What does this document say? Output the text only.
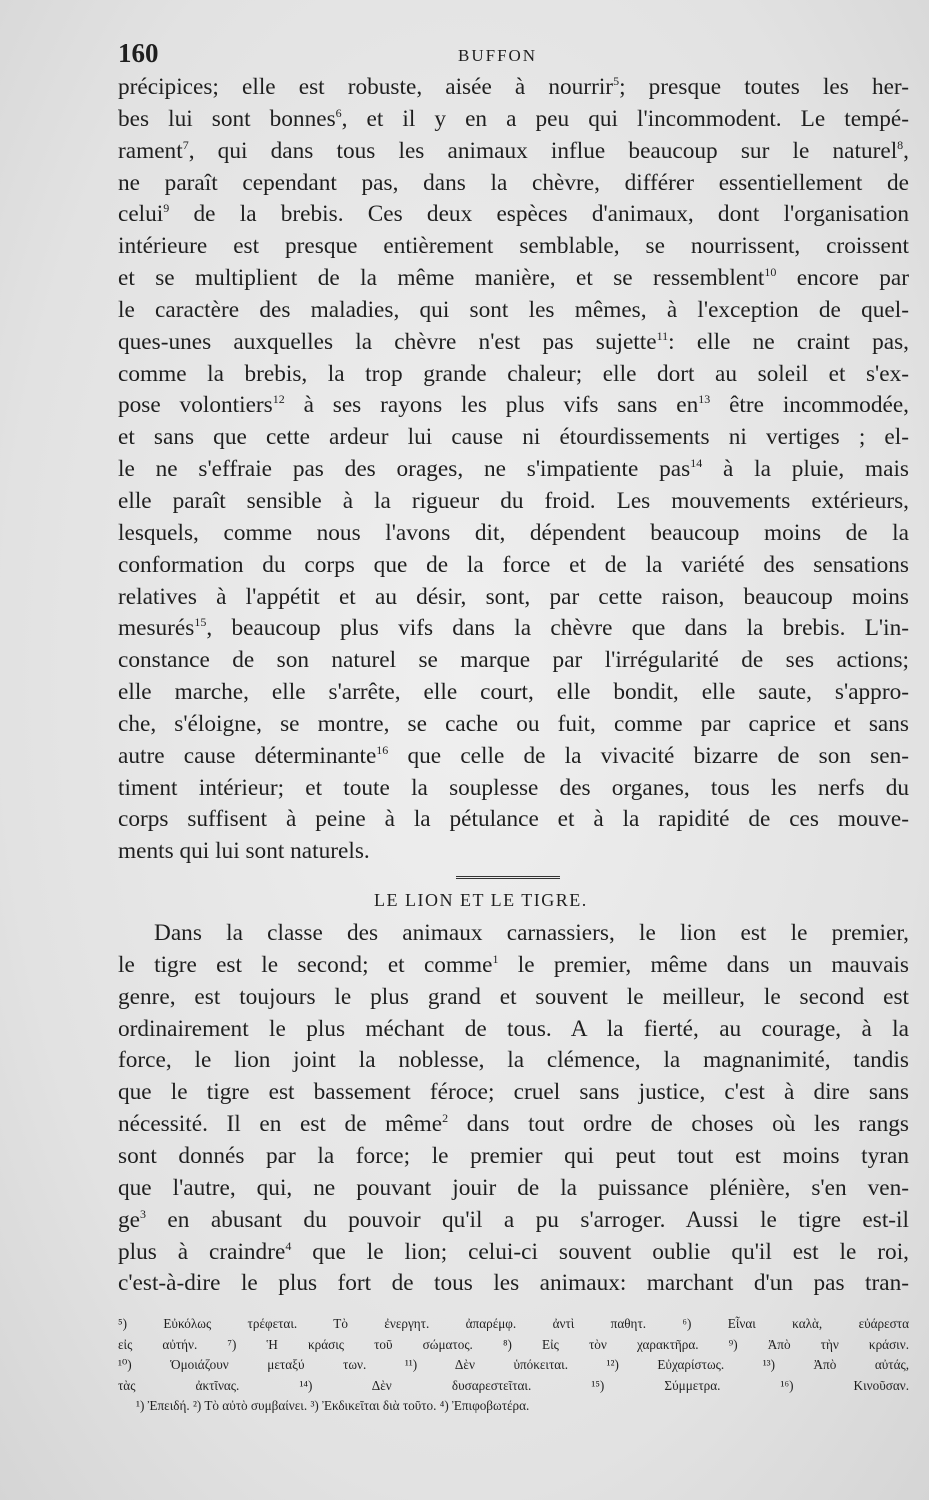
160	BUFFON
précipices; elle est robuste, aisée à nourrir$^5$; presque toutes les her-
bes lui sont bonnes$^6$, et il y en a peu qui l'incommodent. Le tempé-
rament$^7$, qui dans tous les animaux influe beaucoup sur le naturel$^8$,
ne paraît cependant pas, dans la chèvre, différer essentiellement de
celui$^9$ de la brebis. Ces deux espèces d'animaux, dont l'organisation
intérieure est presque entièrement semblable, se nourrissent, croissent
et se multiplient de la même manière, et se ressemblent$^{10}$ encore par
le caractère des maladies, qui sont les mêmes, à l'exception de quel-
ques-unes auxquelles la chèvre n'est pas sujette$^{11}$: elle ne craint pas,
comme la brebis, la trop grande chaleur; elle dort au soleil et s'ex-
pose volontiers$^{12}$ à ses rayons les plus vifs sans $en^{13}$ être incommodée,
et sans que cette ardeur lui cause ni étourdissements ni vertiges ; el-
le ne s'effraie pas des orages, ne s'impatiente pas$^{14}$ à la pluie, mais
elle paraît sensible à la rigueur du froid. Les mouvements extérieurs,
lesquels, comme nous l'avons dit, dépendent beaucoup moins de la
conformation du corps que de la force et de la variété des sensations
relatives à l'appétit et au désir, sont, par cette raison, beaucoup moins
mesurés$^{15}$, beaucoup plus vifs dans la chèvre que dans la brebis. L'in-
constance de son naturel se marque par l'irrégularité de ses actions;
elle marche, elle s'arrête, elle court, elle bondit, elle saute, s'appro-
che, s'éloigne, se montre, se cache ou fuit, comme par caprice et sans
autre cause déterminante$^{16}$ que celle de la vivacité bizarre de son sen-
timent intérieur; et toute la souplesse des organes, tous les nerfs du
corps suffisent à peine à la pétulance et à la rapidité de ces mouve-
ments qui lui sont naturels.
LE LION ET LE TIGRE.
Dans la classe des animaux carnassiers, le lion est le premier,
le tigre est le second; et comme$^1$ le premier, même dans un mauvais
genre, est toujours le plus grand et souvent le meilleur, le second est
ordinairement le plus méchant de tous. A la fierté, au courage, à la
force, le lion joint la noblesse, la clémence, la magnanimité, tandis
que le tigre est bassement féroce; cruel sans justice, c'est à dire sans
nécessité. Il en est de même$^2$ dans tout ordre de choses où les rangs
sont donnés par la force; le premier qui peut tout est moins tyran
que l'autre, qui, ne pouvant jouir de la puissance plénière, s'en ven-
$ge^3$ en abusant du pouvoir qu'il a pu s'arroger. Aussi le tigre est-il
plus à craindre$^4$ que le lion; celui-ci souvent oublie qu'il est le roi,
c'est-à-dire le plus fort de tous les animaux: marchant d'un pas tran-
⁵) Εὐκόλως τρέφεται. Τὸ ἐνεργητ. ἀπαρέμφ. ἀντὶ παθητ. ⁶) Εἶναι καλὰ, εὐάρεστα
εἰς αὐτήν. ⁷) Ἡ κράσις τοῦ σώματος. ⁸) Εἰς τὸν χαρακτῆρα. ⁹) Ἀπὸ τὴν κράσιν.
¹⁰) Ὁμοιάζουν μεταξύ των. ¹¹) Δὲν ὑπόκειται. ¹²) Εὐχαρίστως. ¹³) Ἀπὸ αὐτάς,
τὰς ἀκτῖνας. ¹⁴) Δὲν δυσαρεστεῖται. ¹⁵) Σύμμετρα. ¹⁶) Κινοῦσαν.
¹) Ἐπειδή. ²) Τὸ αὐτὸ συμβαίνει. ³) Ἐκδικεῖται διὰ τοῦτο. ⁴) Ἐπιφοβωτέρα.
